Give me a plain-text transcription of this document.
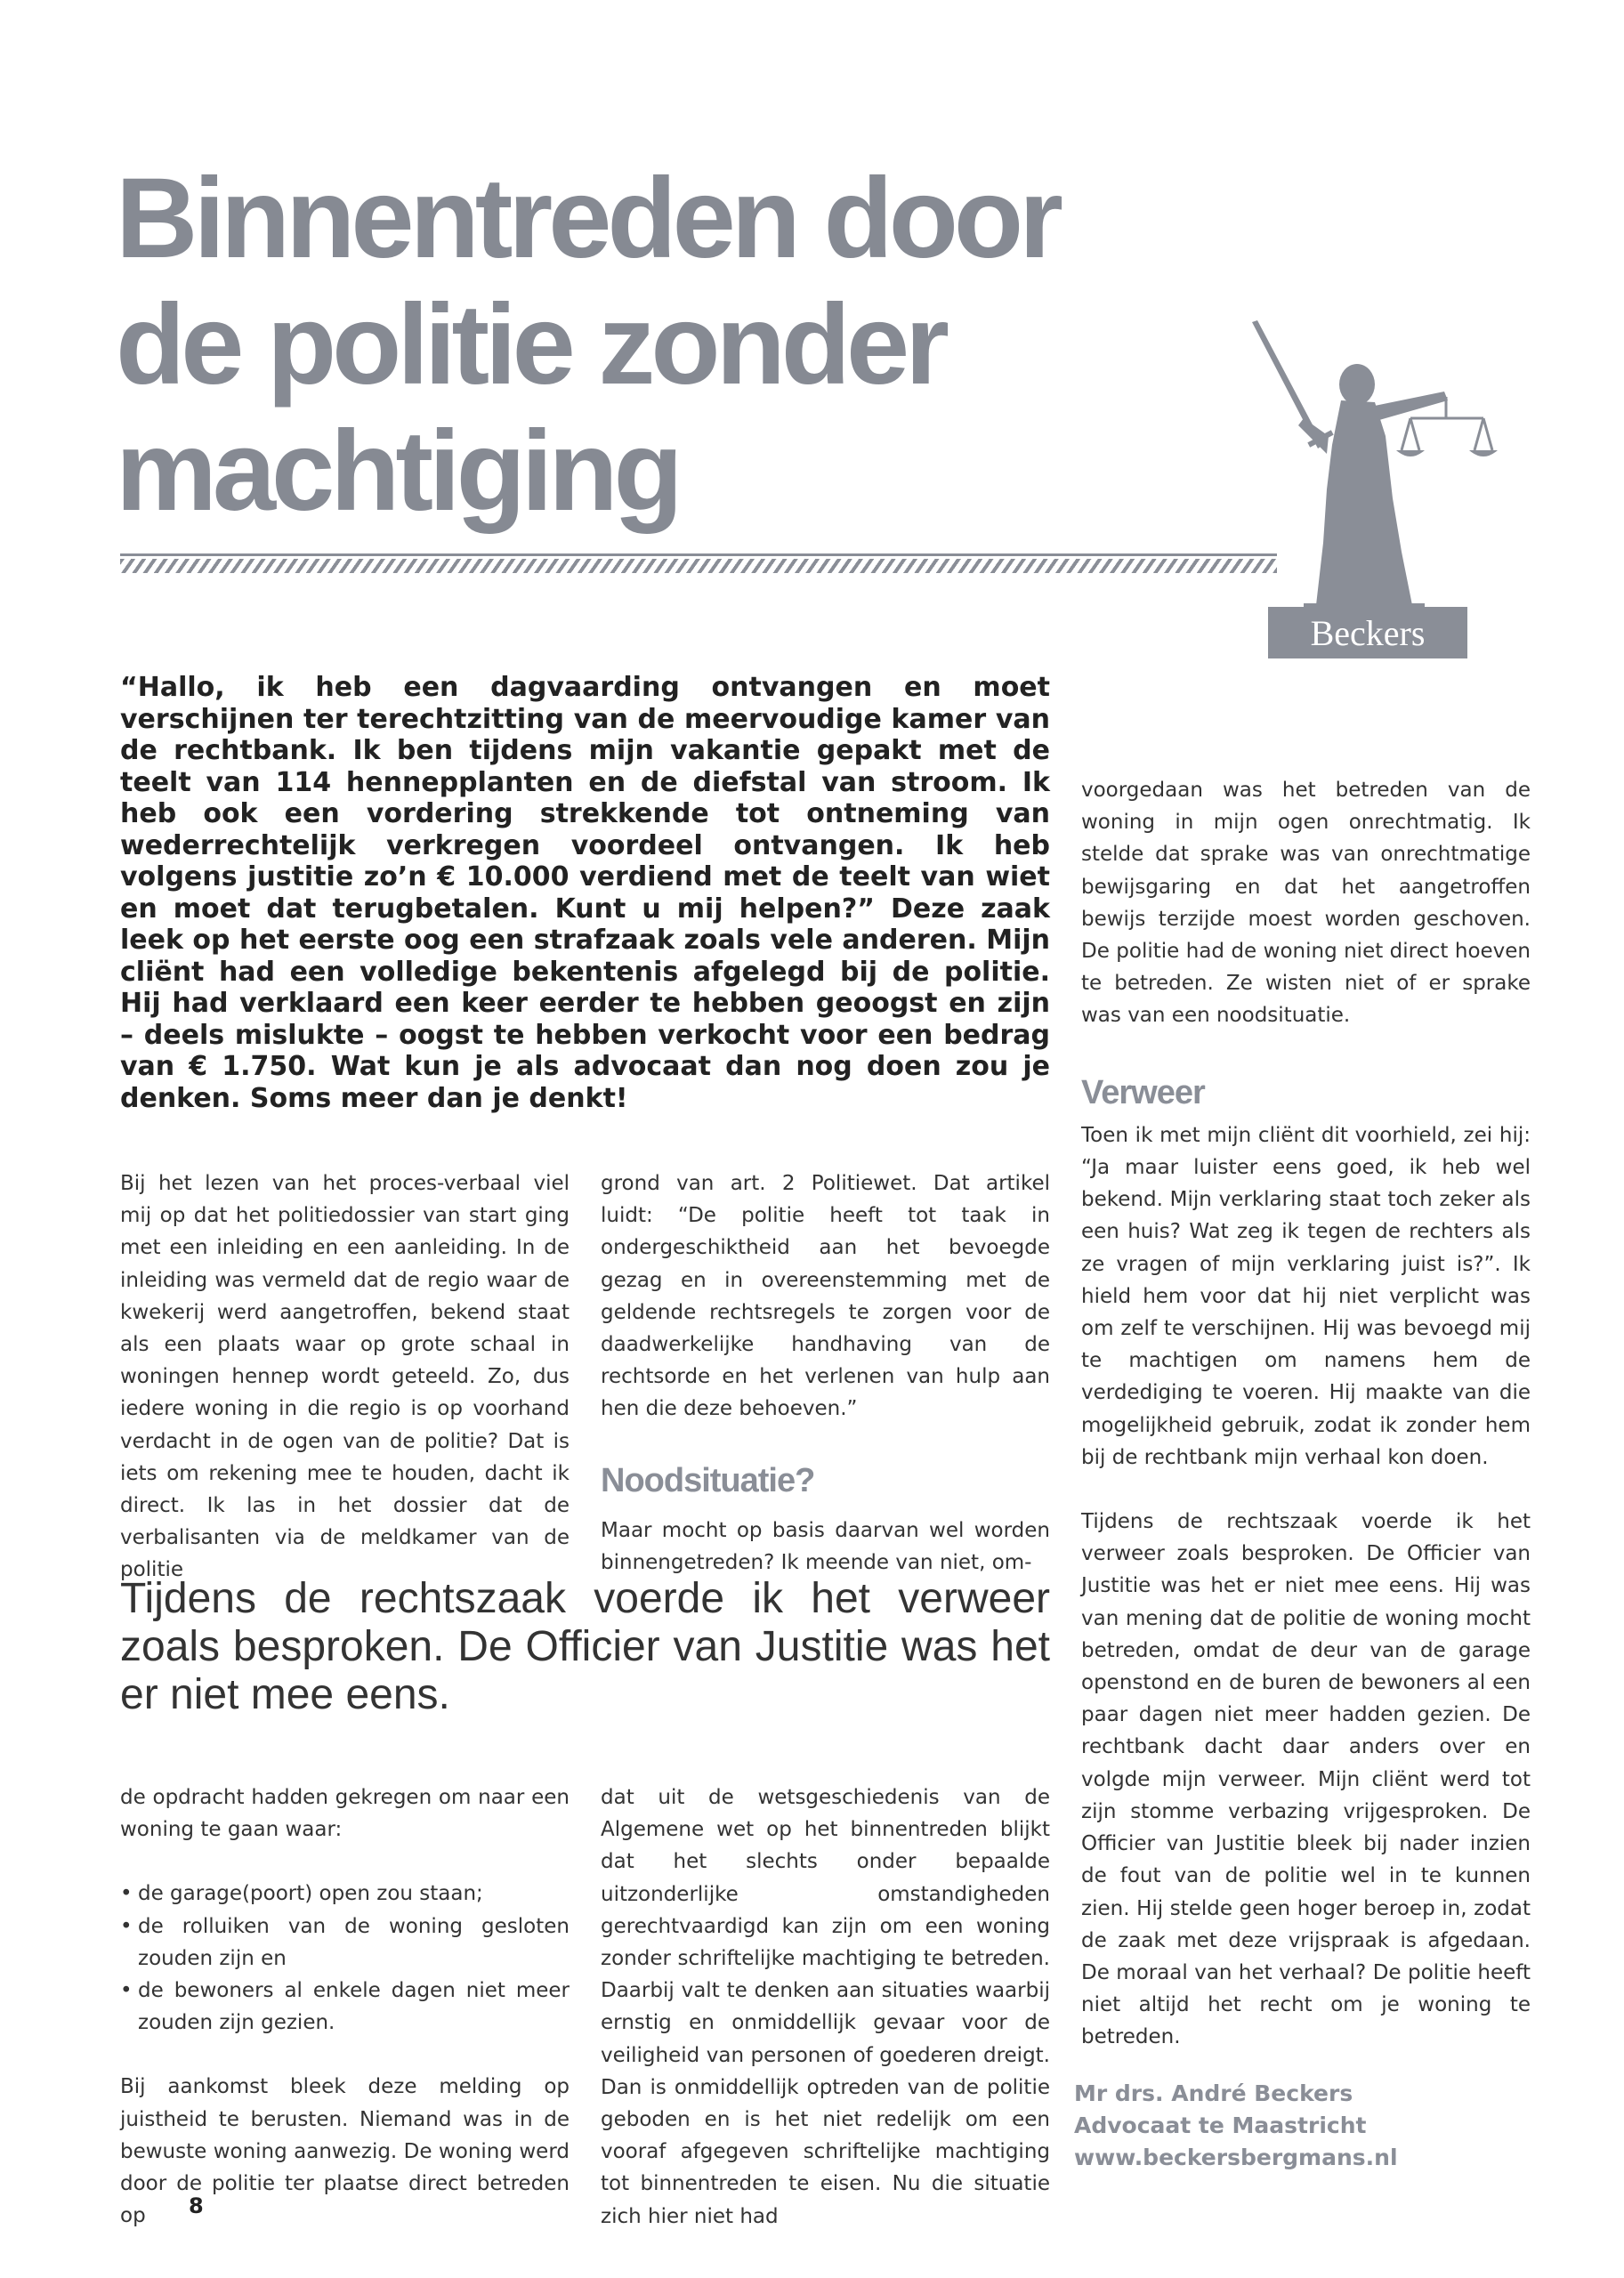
Binnentreden door
de politie zonder
machtiging
Beckers

“Hallo, ik heb een dagvaarding ontvangen en moet verschijnen ter terechtzitting van de meervoudige kamer van de rechtbank. Ik ben tijdens mijn vakantie gepakt met de teelt van 114 hennepplanten en de diefstal van stroom. Ik heb ook een vordering strekkende tot ontneming van wederrechtelijk verkregen voordeel ontvangen. Ik heb volgens justitie zo’n € 10.000 verdiend met de teelt van wiet en moet dat terugbetalen. Kunt u mij helpen?” Deze zaak leek op het eerste oog een strafzaak zoals vele anderen. Mijn cliënt had een volledige bekentenis afgelegd bij de politie. Hij had verklaard een keer eerder te hebben geoogst en zijn – deels mislukte – oogst te hebben verkocht voor een bedrag van € 1.750. Wat kun je als advocaat dan nog doen zou je denken. Soms meer dan je denkt!

Bij het lezen van het proces-verbaal viel mij op dat het politiedossier van start ging met een inleiding en een aanleiding. In de inleiding was vermeld dat de regio waar de kwekerij werd aangetroffen, bekend staat als een plaats waar op grote schaal in woningen hennep wordt geteeld. Zo, dus iedere woning in die regio is op voorhand verdacht in de ogen van de politie? Dat is iets om rekening mee te houden, dacht ik direct. Ik las in het dossier dat de verbalisanten via de meldkamer van de politie

grond van art. 2 Politiewet. Dat artikel luidt: “De politie heeft tot taak in ondergeschiktheid aan het bevoegde gezag en in overeenstemming met de geldende rechtsregels te zorgen voor de daadwerkelijke handhaving van de rechtsorde en het verlenen van hulp aan hen die deze behoeven.”

Noodsituatie?

Maar mocht op basis daarvan wel worden binnengetreden? Ik meende van niet, om-

Tijdens de rechtszaak voerde ik het verweer zoals besproken. De Officier van Justitie was het er niet mee eens.

de opdracht hadden gekregen om naar een woning te gaan waar:

• de garage(poort) open zou staan;
• de rolluiken van de woning gesloten zouden zijn en
• de bewoners al enkele dagen niet meer zouden zijn gezien.

Bij aankomst bleek deze melding op juistheid te berusten. Niemand was in de bewuste woning aanwezig. De woning werd door de politie ter plaatse direct betreden op

dat uit de wetsgeschiedenis van de Algemene wet op het binnentreden blijkt dat het slechts onder bepaalde uitzonderlijke omstandigheden gerechtvaardigd kan zijn om een woning zonder schriftelijke machtiging te betreden. Daarbij valt te denken aan situaties waarbij ernstig en onmiddellijk gevaar voor de veiligheid van personen of goederen dreigt. Dan is onmiddellijk optreden van de politie geboden en is het niet redelijk om een vooraf afgegeven schriftelijke machtiging tot binnentreden te eisen. Nu die situatie zich hier niet had

voorgedaan was het betreden van de woning in mijn ogen onrechtmatig. Ik stelde dat sprake was van onrechtmatige bewijsgaring en dat het aangetroffen bewijs terzijde moest worden geschoven. De politie had de woning niet direct hoeven te betreden. Ze wisten niet of er sprake was van een noodsituatie.

Verweer

Toen ik met mijn cliënt dit voorhield, zei hij: “Ja maar luister eens goed, ik heb wel bekend. Mijn verklaring staat toch zeker als een huis? Wat zeg ik tegen de rechters als ze vragen of mijn verklaring juist is?”. Ik hield hem voor dat hij niet verplicht was om zelf te verschijnen. Hij was bevoegd mij te machtigen om namens hem de verdediging te voeren. Hij maakte van die mogelijkheid gebruik, zodat ik zonder hem bij de rechtbank mijn verhaal kon doen.

Tijdens de rechtszaak voerde ik het verweer zoals besproken. De Officier van Justitie was het er niet mee eens. Hij was van mening dat de politie de woning mocht betreden, omdat de deur van de garage openstond en de buren de bewoners al een paar dagen niet meer hadden gezien. De rechtbank dacht daar anders over en volgde mijn verweer. Mijn cliënt werd tot zijn stomme verbazing vrijgesproken. De Officier van Justitie bleek bij nader inzien de fout van de politie wel in te kunnen zien. Hij stelde geen hoger beroep in, zodat de zaak met deze vrijspraak is afgedaan. De moraal van het verhaal? De politie heeft niet altijd het recht om je woning te betreden.

Mr drs. André Beckers
Advocaat te Maastricht
www.beckersbergmans.nl
8
